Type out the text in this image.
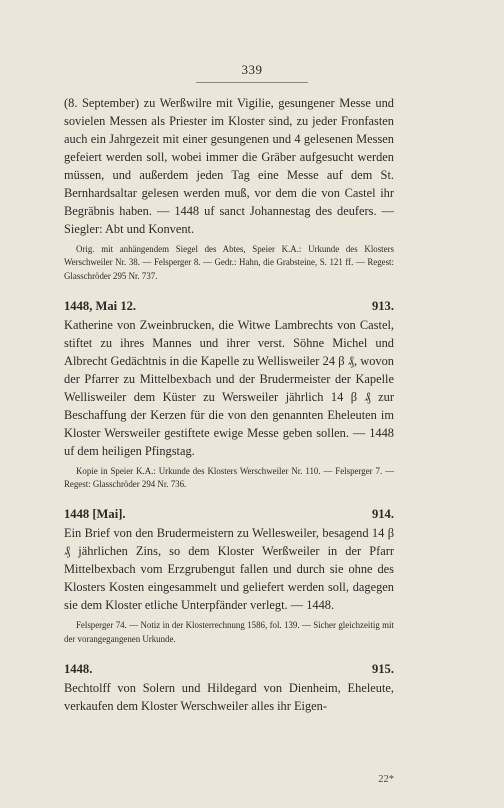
339

(8. September) zu Werßwilre mit Vigilie, gesungener Messe und sovielen Messen als Priester im Kloster sind, zu jeder Fronfasten auch ein Jahrgezeit mit einer gesungenen und 4 gelesenen Messen gefeiert werden soll, wobei immer die Gräber aufgesucht werden müssen, und außerdem jeden Tag eine Messe auf dem St. Bernhardsaltar gelesen werden muß, vor dem die von Castel ihr Begräbnis haben. — 1448 uf sanct Johannestag des deufers. — Siegler: Abt und Konvent.

Orig. mit anhängendem Siegel des Abtes, Speier K.A.: Urkunde des Klosters Werschweiler Nr. 38. — Felsperger 8. — Gedr.: Hahn, die Grabsteine, S. 121 ff. — Regest: Glasschröder 295 Nr. 737.

1448, Mai 12.	913.

Katherine von Zweinbrucken, die Witwe Lambrechts von Castel, stiftet zu ihres Mannes und ihrer verst. Söhne Michel und Albrecht Gedächtnis in die Kapelle zu Wellisweiler 24 β ₰, wovon der Pfarrer zu Mittelbexbach und der Brudermeister der Kapelle Wellisweiler dem Küster zu Wersweiler jährlich 14 β ₰ zur Beschaffung der Kerzen für die von den genannten Eheleuten im Kloster Wersweiler gestiftete ewige Messe geben sollen. — 1448 uf dem heiligen Pfingstag.

Kopie in Speier K.A.: Urkunde des Klosters Werschweiler Nr. 110. — Felsperger 7. — Regest: Glasschröder 294 Nr. 736.

1448 [Mai].	914.

Ein Brief von den Brudermeistern zu Wellesweiler, besagend 14 β ₰ jährlichen Zins, so dem Kloster Werßweiler in der Pfarr Mittelbexbach vom Erzgrubengut fallen und durch sie ohne des Klosters Kosten eingesammelt und geliefert werden soll, dagegen sie dem Kloster etliche Unterpfänder verlegt. — 1448.

Felsperger 74. — Notiz in der Klosterrechnung 1586, fol. 139. — Sicher gleichzeitig mit der vorangegangenen Urkunde.

1448.	915.

Bechtolff von Solern und Hildegard von Dienheim, Eheleute, verkaufen dem Kloster Werschweiler alles ihr Eigen-

22*
